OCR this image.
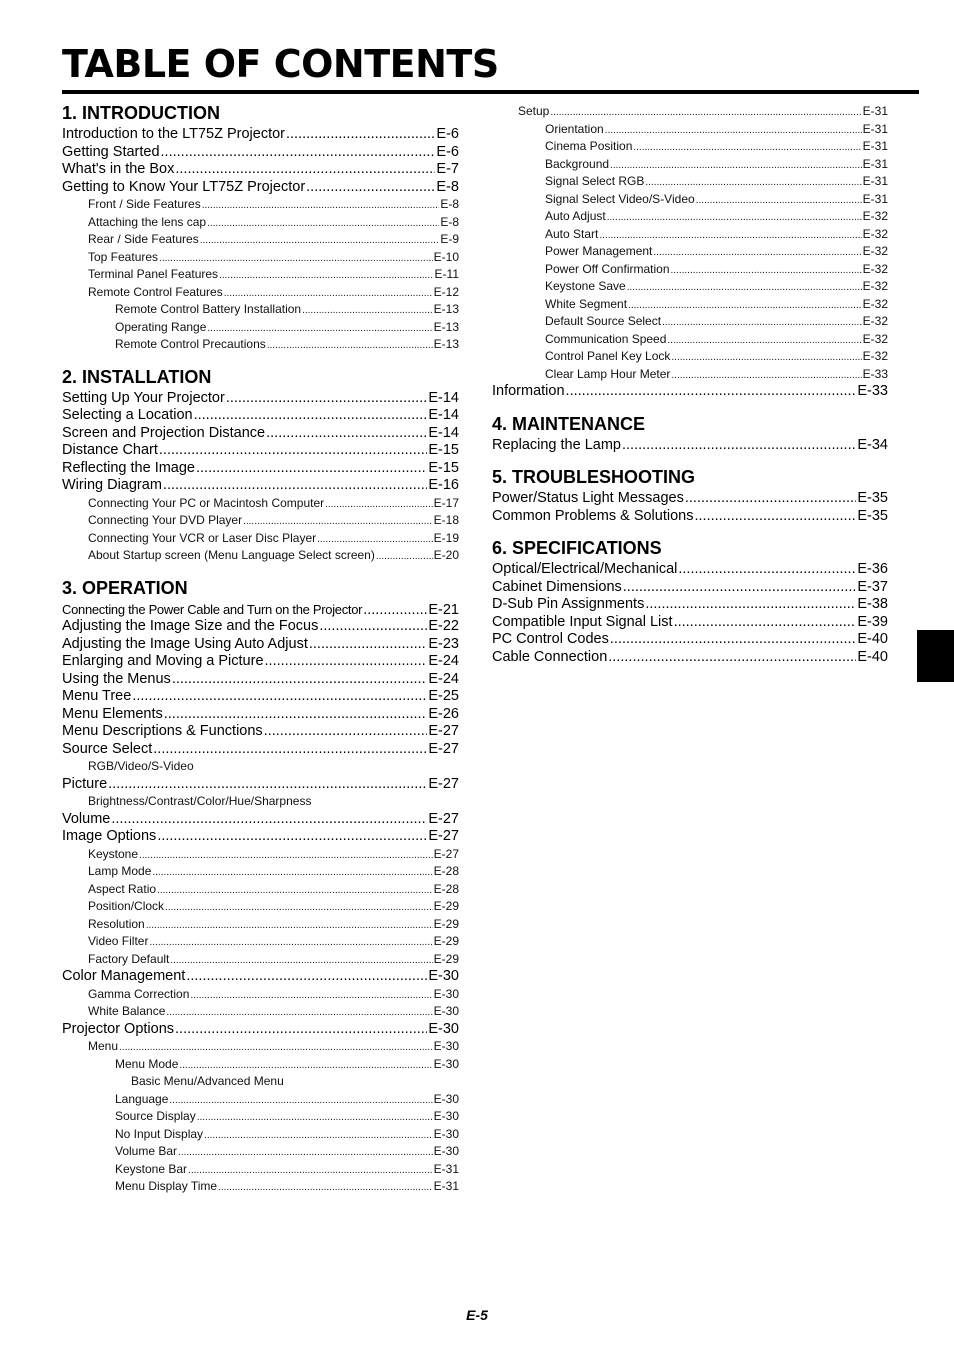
TABLE OF CONTENTS
1. INTRODUCTION
Introduction to the LT75Z Projector .....	E-6
Getting Started .....	E-6
What's in the Box .....	E-7
Getting to Know Your LT75Z Projector .....	E-8
Front / Side Features .....	E-8
Attaching the lens cap .....	E-8
Rear / Side Features .....	E-9
Top Features .....	E-10
Terminal Panel Features .....	E-11
Remote Control Features .....	E-12
Remote Control Battery Installation .....	E-13
Operating Range .....	E-13
Remote Control Precautions .....	E-13
2. INSTALLATION
Setting Up Your Projector .....	E-14
Selecting a Location .....	E-14
Screen and Projection Distance .....	E-14
Distance Chart .....	E-15
Reflecting the Image .....	E-15
Wiring Diagram .....	E-16
Connecting Your PC or Macintosh Computer .....	E-17
Connecting Your DVD Player .....	E-18
Connecting Your VCR or Laser Disc Player .....	E-19
About Startup screen (Menu Language Select screen) .....	E-20
3. OPERATION
Connecting the Power Cable and Turn on the Projector .....	E-21
Adjusting the Image Size and the Focus .....	E-22
Adjusting the Image Using Auto Adjust .....	E-23
Enlarging and Moving a Picture .....	E-24
Using the Menus .....	E-24
Menu Tree .....	E-25
Menu Elements .....	E-26
Menu Descriptions & Functions .....	E-27
Source Select .....	E-27
RGB/Video/S-Video
Picture .....	E-27
Brightness/Contrast/Color/Hue/Sharpness
Volume .....	E-27
Image Options .....	E-27
Keystone .....	E-27
Lamp Mode .....	E-28
Aspect Ratio .....	E-28
Position/Clock .....	E-29
Resolution .....	E-29
Video Filter .....	E-29
Factory Default .....	E-29
Color Management .....	E-30
Gamma Correction .....	E-30
White Balance .....	E-30
Projector Options .....	E-30
Menu .....	E-30
Menu Mode .....	E-30
Basic Menu/Advanced Menu
Language .....	E-30
Source Display .....	E-30
No Input Display .....	E-30
Volume Bar .....	E-30
Keystone Bar .....	E-31
Menu Display Time .....	E-31
Setup .....	E-31
Orientation .....	E-31
Cinema Position .....	E-31
Background .....	E-31
Signal Select RGB .....	E-31
Signal Select Video/S-Video .....	E-31
Auto Adjust .....	E-32
Auto Start .....	E-32
Power Management .....	E-32
Power Off Confirmation .....	E-32
Keystone Save .....	E-32
White Segment .....	E-32
Default Source Select .....	E-32
Communication Speed .....	E-32
Control Panel Key Lock .....	E-32
Clear Lamp Hour Meter .....	E-33
Information .....	E-33
4. MAINTENANCE
Replacing the Lamp .....	E-34
5. TROUBLESHOOTING
Power/Status Light Messages .....	E-35
Common Problems & Solutions .....	E-35
6. SPECIFICATIONS
Optical/Electrical/Mechanical .....	E-36
Cabinet Dimensions .....	E-37
D-Sub Pin Assignments .....	E-38
Compatible Input Signal List .....	E-39
PC Control Codes .....	E-40
Cable Connection .....	E-40
E-5
